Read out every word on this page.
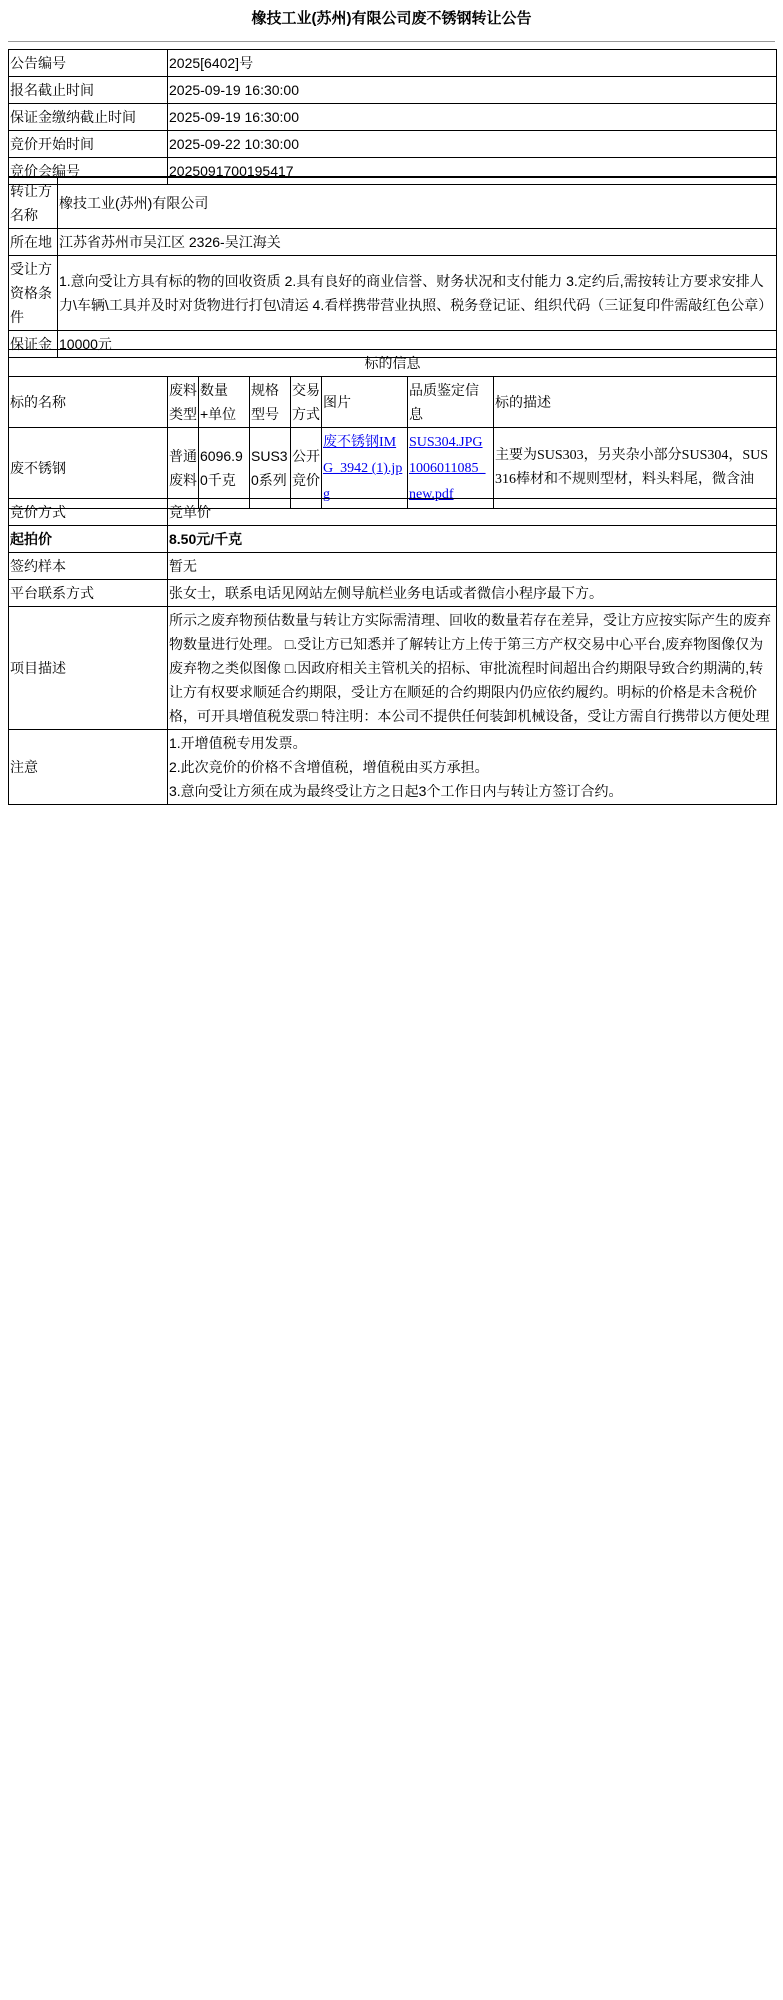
橡技工业(苏州)有限公司废不锈钢转让公告
公告编号	2025[6402]号
报名截止时间	2025-09-19 16:30:00
保证金缴纳截止时间	2025-09-19 16:30:00
竞价开始时间	2025-09-22 10:30:00
竞价会编号	2025091700195417
转让方名称	橡技工业(苏州)有限公司
所在地	江苏省苏州市吴江区 2326-吴江海关
受让方资格条件	1.意向受让方具有标的物的回收资质 2.具有良好的商业信誉、财务状况和支付能力 3.定约后,需按转让方要求安排人力\车辆\工具并及时对货物进行打包\清运 4.看样携带营业执照、税务登记证、组织代码（三证复印件需敲红色公章）
保证金	10000元
标的信息							
标的名称	废料类型	数量+单位	规格型号	交易方式	图片	品质鉴定信息	标的描述
废不锈钢	普通废料	6096.90千克	SUS30系列	公开竞价	废不锈钢IMG_3942 (1).jpg	SUS304.JPG 1006011085_new.pdf	主要为SUS303，另夹杂小部分SUS304，SUS316棒材和不规则型材，料头料尾，微含油
竞价方式	竞单价
起拍价	8.50元/千克
签约样本	暂无
平台联系方式	张女士，联系电话见网站左侧导航栏业务电话或者微信小程序最下方。
项目描述	所示之废弃物预估数量与转让方实际需清理、回收的数量若存在差异，受让方应按实际产生的废弃物数量进行处理。 □.受让方已知悉并了解转让方上传于第三方产权交易中心平台,废弃物图像仅为废弃物之类似图像 □.因政府相关主管机关的招标、审批流程时间超出合约期限导致合约期满的,转让方有权要求顺延合约期限，受让方在顺延的合约期限内仍应依约履约。明标的价格是未含税价格，可开具增值税发票□ 特注明：本公司不提供任何装卸机械设备，受让方需自行携带以方便处理
注意	1.开增值税专用发票。
2.此次竞价的价格不含增值税，增值税由买方承担。
3.意向受让方须在成为最终受让方之日起3个工作日内与转让方签订合约。
